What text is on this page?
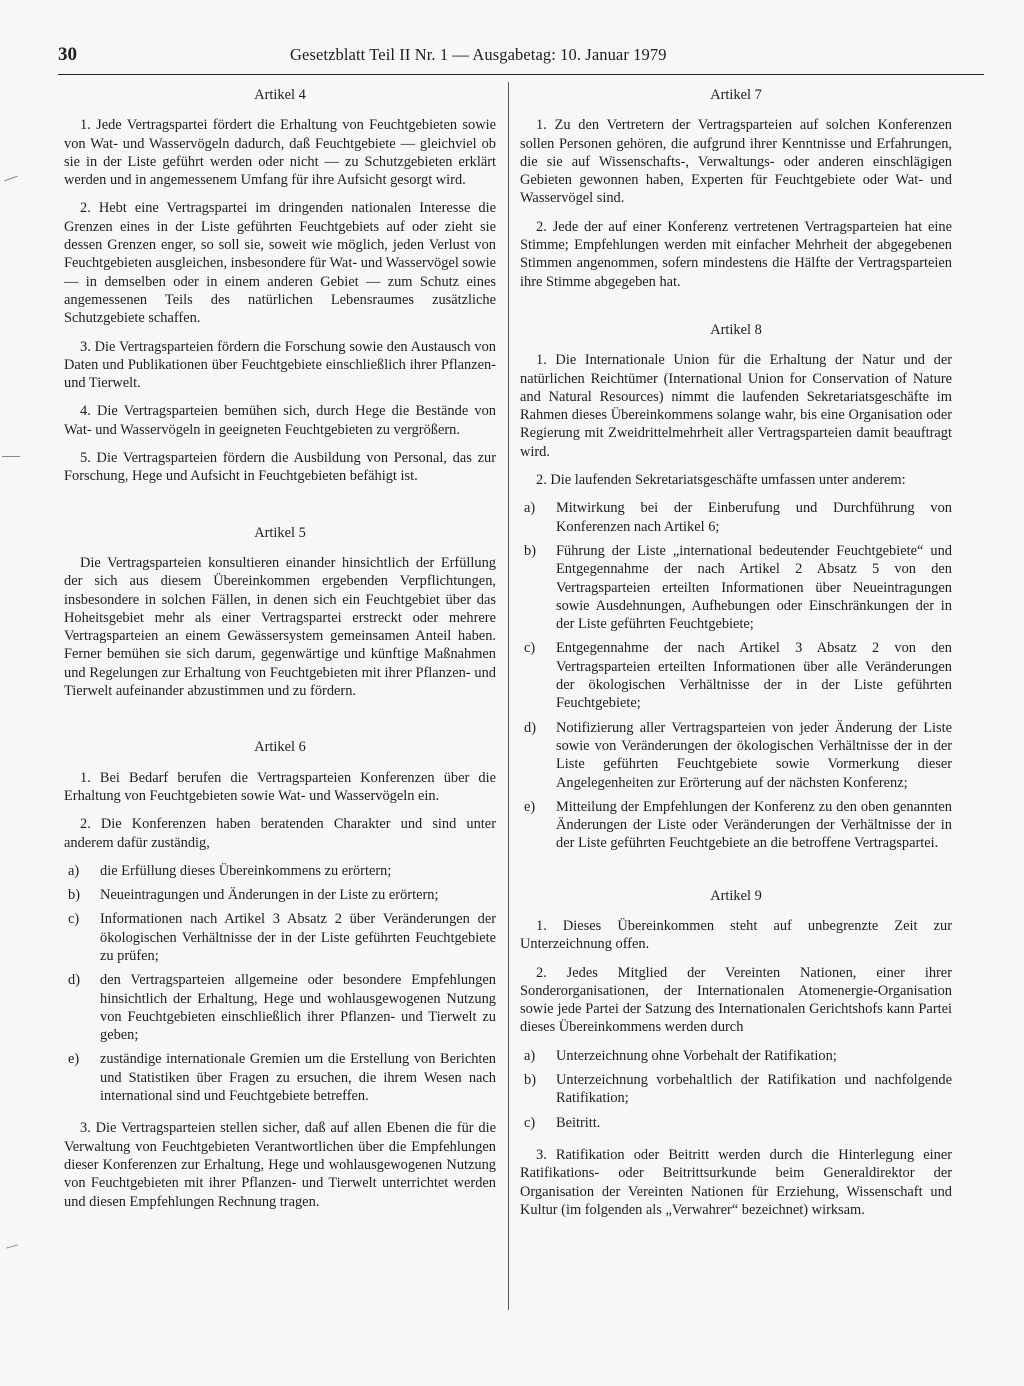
30	Gesetzblatt Teil II Nr. 1 — Ausgabetag: 10. Januar 1979
Artikel 4

1. Jede Vertragspartei fördert die Erhaltung von Feuchtgebieten sowie von Wat- und Wasservögeln dadurch, daß Feuchtgebiete — gleichviel ob sie in der Liste geführt werden oder nicht — zu Schutzgebieten erklärt werden und in angemessenem Umfang für ihre Aufsicht gesorgt wird.

2. Hebt eine Vertragspartei im dringenden nationalen Interesse die Grenzen eines in der Liste geführten Feuchtgebiets auf oder zieht sie dessen Grenzen enger, so soll sie, soweit wie möglich, jeden Verlust von Feuchtgebieten ausgleichen, insbesondere für Wat- und Wasservögel sowie — in demselben oder in einem anderen Gebiet — zum Schutz eines angemessenen Teils des natürlichen Lebensraumes zusätzliche Schutzgebiete schaffen.

3. Die Vertragsparteien fördern die Forschung sowie den Austausch von Daten und Publikationen über Feuchtgebiete einschließlich ihrer Pflanzen- und Tierwelt.

4. Die Vertragsparteien bemühen sich, durch Hege die Bestände von Wat- und Wasservögeln in geeigneten Feuchtgebieten zu vergrößern.

5. Die Vertragsparteien fördern die Ausbildung von Personal, das zur Forschung, Hege und Aufsicht in Feuchtgebieten befähigt ist.

Artikel 5

Die Vertragsparteien konsultieren einander hinsichtlich der Erfüllung der sich aus diesem Übereinkommen ergebenden Verpflichtungen, insbesondere in solchen Fällen, in denen sich ein Feuchtgebiet über das Hoheitsgebiet mehr als einer Vertragspartei erstreckt oder mehrere Vertragsparteien an einem Gewässersystem gemeinsamen Anteil haben. Ferner bemühen sie sich darum, gegenwärtige und künftige Maßnahmen und Regelungen zur Erhaltung von Feuchtgebieten mit ihrer Pflanzen- und Tierwelt aufeinander abzustimmen und zu fördern.

Artikel 6

1. Bei Bedarf berufen die Vertragsparteien Konferenzen über die Erhaltung von Feuchtgebieten sowie Wat- und Wasservögeln ein.

2. Die Konferenzen haben beratenden Charakter und sind unter anderem dafür zuständig,

a)	die Erfüllung dieses Übereinkommens zu erörtern;
b)	Neueintragungen und Änderungen in der Liste zu erörtern;
c)	Informationen nach Artikel 3 Absatz 2 über Veränderungen der ökologischen Verhältnisse der in der Liste geführten Feuchtgebiete zu prüfen;
d)	den Vertragsparteien allgemeine oder besondere Empfehlungen hinsichtlich der Erhaltung, Hege und wohlausgewogenen Nutzung von Feuchtgebieten einschließlich ihrer Pflanzen- und Tierwelt zu geben;
e)	zuständige internationale Gremien um die Erstellung von Berichten und Statistiken über Fragen zu ersuchen, die ihrem Wesen nach international sind und Feuchtgebiete betreffen.

3. Die Vertragsparteien stellen sicher, daß auf allen Ebenen die für die Verwaltung von Feuchtgebieten Verantwortlichen über die Empfehlungen dieser Konferenzen zur Erhaltung, Hege und wohlausgewogenen Nutzung von Feuchtgebieten mit ihrer Pflanzen- und Tierwelt unterrichtet werden und diesen Empfehlungen Rechnung tragen.

Artikel 7

1. Zu den Vertretern der Vertragsparteien auf solchen Konferenzen sollen Personen gehören, die aufgrund ihrer Kenntnisse und Erfahrungen, die sie auf Wissenschafts-, Verwaltungs- oder anderen einschlägigen Gebieten gewonnen haben, Experten für Feuchtgebiete oder Wat- und Wasservögel sind.

2. Jede der auf einer Konferenz vertretenen Vertragsparteien hat eine Stimme; Empfehlungen werden mit einfacher Mehrheit der abgegebenen Stimmen angenommen, sofern mindestens die Hälfte der Vertragsparteien ihre Stimme abgegeben hat.

Artikel 8

1. Die Internationale Union für die Erhaltung der Natur und der natürlichen Reichtümer (International Union for Conservation of Nature and Natural Resources) nimmt die laufenden Sekretariatsgeschäfte im Rahmen dieses Übereinkommens solange wahr, bis eine Organisation oder Regierung mit Zweidrittelmehrheit aller Vertragsparteien damit beauftragt wird.

2. Die laufenden Sekretariatsgeschäfte umfassen unter anderem:

a)	Mitwirkung bei der Einberufung und Durchführung von Konferenzen nach Artikel 6;
b)	Führung der Liste „international bedeutender Feuchtgebiete“ und Entgegennahme der nach Artikel 2 Absatz 5 von den Vertragsparteien erteilten Informationen über Neueintragungen sowie Ausdehnungen, Aufhebungen oder Einschränkungen der in der Liste geführten Feuchtgebiete;
c)	Entgegennahme der nach Artikel 3 Absatz 2 von den Vertragsparteien erteilten Informationen über alle Veränderungen der ökologischen Verhältnisse der in der Liste geführten Feuchtgebiete;
d)	Notifizierung aller Vertragsparteien von jeder Änderung der Liste sowie von Veränderungen der ökologischen Verhältnisse der in der Liste geführten Feuchtgebiete sowie Vormerkung dieser Angelegenheiten zur Erörterung auf der nächsten Konferenz;
e)	Mitteilung der Empfehlungen der Konferenz zu den oben genannten Änderungen der Liste oder Veränderungen der Verhältnisse der in der Liste geführten Feuchtgebiete an die betroffene Vertragspartei.
Artikel 9

1. Dieses Übereinkommen steht auf unbegrenzte Zeit zur Unterzeichnung offen.

2. Jedes Mitglied der Vereinten Nationen, einer ihrer Sonderorganisationen, der Internationalen Atomenergie-Organisation sowie jede Partei der Satzung des Internationalen Gerichtshofs kann Partei dieses Übereinkommens werden durch

a)	Unterzeichnung ohne Vorbehalt der Ratifikation;
b)	Unterzeichnung vorbehaltlich der Ratifikation und nachfolgende Ratifikation;
c)	Beitritt.

3. Ratifikation oder Beitritt werden durch die Hinterlegung einer Ratifikations- oder Beitrittsurkunde beim Generaldirektor der Organisation der Vereinten Nationen für Erziehung, Wissenschaft und Kultur (im folgenden als „Verwahrer“ bezeichnet) wirksam.
